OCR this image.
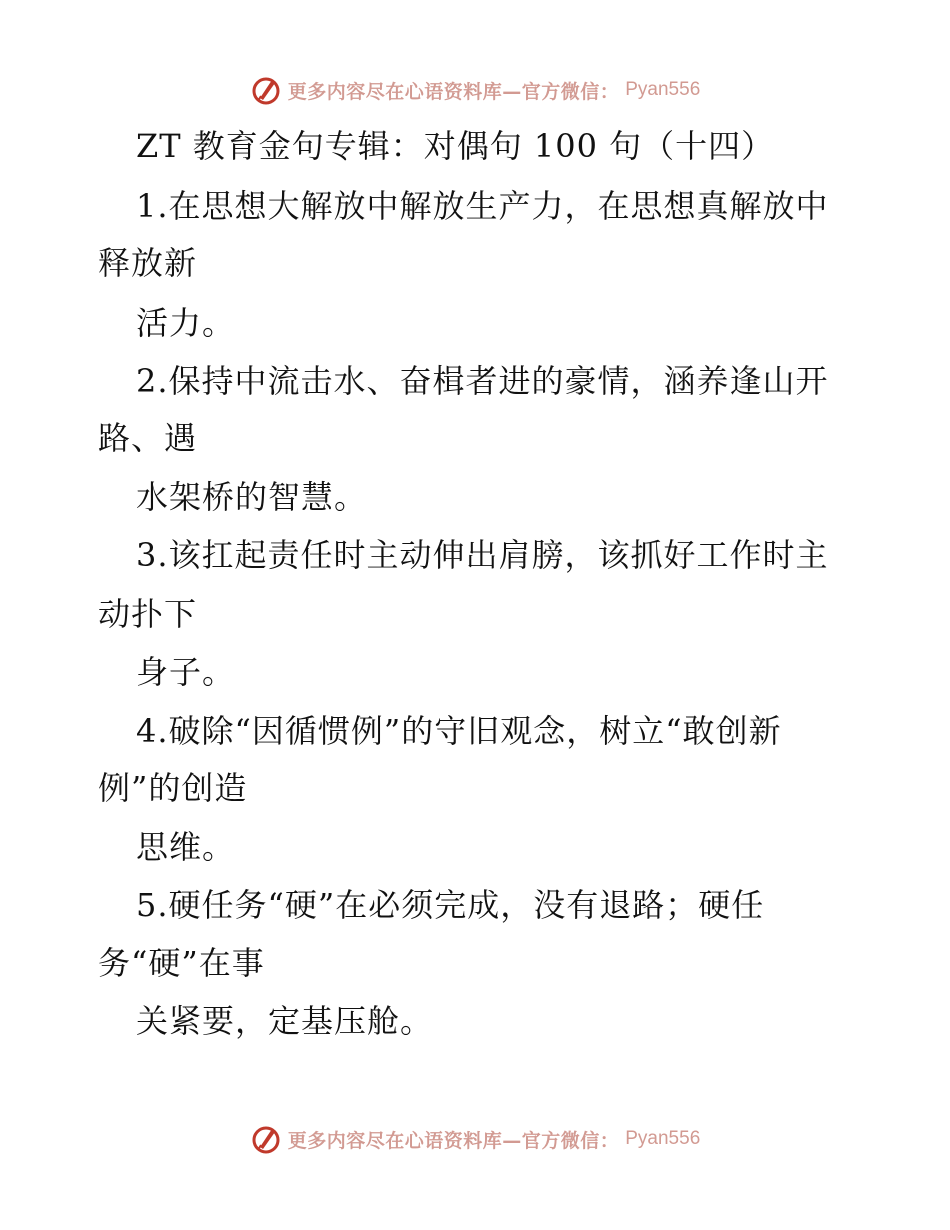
更多内容尽在心语资料库—官方微信： Pyan556
ZT 教育金句专辑：对偶句 100 句（十四）
1.在思想大解放中解放生产力，在思想真解放中
释放新
活力。
2.保持中流击水、奋楫者进的豪情，涵养逢山开
路、遇
水架桥的智慧。
3.该扛起责任时主动伸出肩膀，该抓好工作时主
动扑下
身子。
4.破除“因循惯例”的守旧观念，树立“敢创新
例”的创造
思维。
5.硬任务“硬”在必须完成，没有退路；硬任
务“硬”在事
关紧要，定基压舱。
更多内容尽在心语资料库—官方微信： Pyan556
